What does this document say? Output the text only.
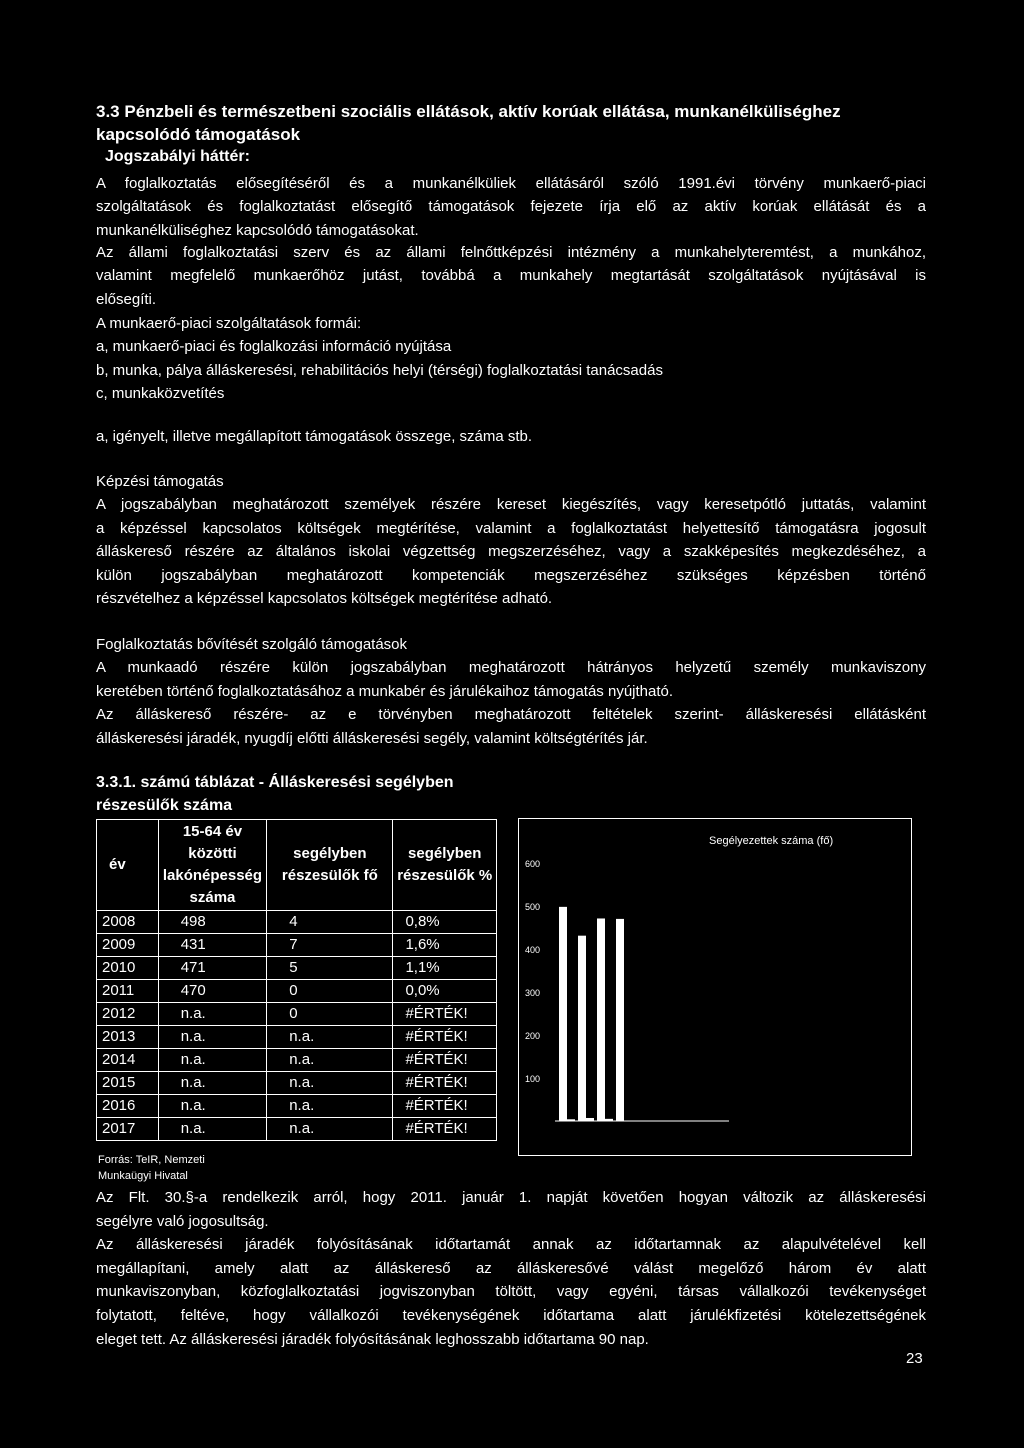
3.3 Pénzbeli és természetbeni szociális ellátások, aktív korúak ellátása, munkanélküliséghez kapcsolódó támogatások
Jogszabályi háttér:
A foglalkoztatás elősegítéséről és a munkanélküliek ellátásáról szóló 1991.évi törvény munkaerő-piaci
szolgáltatások és foglalkoztatást elősegítő támogatások fejezete írja elő az aktív korúak ellátását és a
munkanélküliséghez kapcsolódó támogatásokat.
Az állami foglalkoztatási szerv és az állami felnőttképzési intézmény a munkahelyteremtést, a munkához,
valamint megfelelő munkaerőhöz jutást, továbbá a munkahely megtartását szolgáltatások nyújtásával is
elősegíti.
A munkaerő-piaci szolgáltatások formái:
a, munkaerő-piaci és foglalkozási információ nyújtása
b, munka, pálya álláskeresési, rehabilitációs helyi (térségi) foglalkoztatási tanácsadás
c, munkaközvetítés
a, igényelt, illetve megállapított támogatások összege, száma stb.
Képzési támogatás
A jogszabályban meghatározott személyek részére kereset kiegészítés, vagy keresetpótló juttatás, valamint
a képzéssel kapcsolatos költségek megtérítése, valamint a foglalkoztatást helyettesítő támogatásra jogosult
álláskereső részére az általános iskolai végzettség megszerzéséhez, vagy a szakképesítés megkezdéséhez, a
külön jogszabályban meghatározott kompetenciák megszerzéséhez szükséges képzésben történő
részvételhez a képzéssel kapcsolatos költségek megtérítése adható.
Foglalkoztatás bővítését szolgáló támogatások
A munkaadó részére külön jogszabályban meghatározott hátrányos helyzetű személy munkaviszony
keretében történő foglalkoztatásához a munkabér és járulékaihoz támogatás nyújtható.
Az álláskereső részére- az e törvényben meghatározott feltételek szerint- álláskeresési ellátásként
álláskeresési járadék, nyugdíj előtti álláskeresési segély, valamint költségtérítés jár.
3.3.1. számú táblázat - Álláskeresési segélyben részesülők száma
év	15-64 év közötti lakónépesség száma	segélyben részesülők fő	segélyben részesülők %
2008	498	4	0,8%
2009	431	7	1,6%
2010	471	5	1,1%
2011	470	0	0,0%
2012	n.a.	0	#ÉRTÉK!
2013	n.a.	n.a.	#ÉRTÉK!
2014	n.a.	n.a.	#ÉRTÉK!
2015	n.a.	n.a.	#ÉRTÉK!
2016	n.a.	n.a.	#ÉRTÉK!
2017	n.a.	n.a.	#ÉRTÉK!
Forrás: TeIR, Nemzeti
Munkaügyi Hivatal
Segélyezettek száma (fő)
600
500
400
300
200
100
Az Flt. 30.§-a rendelkezik arról, hogy 2011. január 1. napját követően hogyan változik az álláskeresési
segélyre való jogosultság.
Az álláskeresési járadék folyósításának időtartamát annak az időtartamnak az alapulvételével kell
megállapítani, amely alatt az álláskereső az álláskeresővé válást megelőző három év alatt
munkaviszonyban, közfoglalkoztatási jogviszonyban töltött, vagy egyéni, társas vállalkozói tevékenységet
folytatott, feltéve, hogy vállalkozói tevékenységének időtartama alatt járulékfizetési kötelezettségének
eleget tett. Az álláskeresési járadék folyósításának leghosszabb időtartama 90 nap.
23
